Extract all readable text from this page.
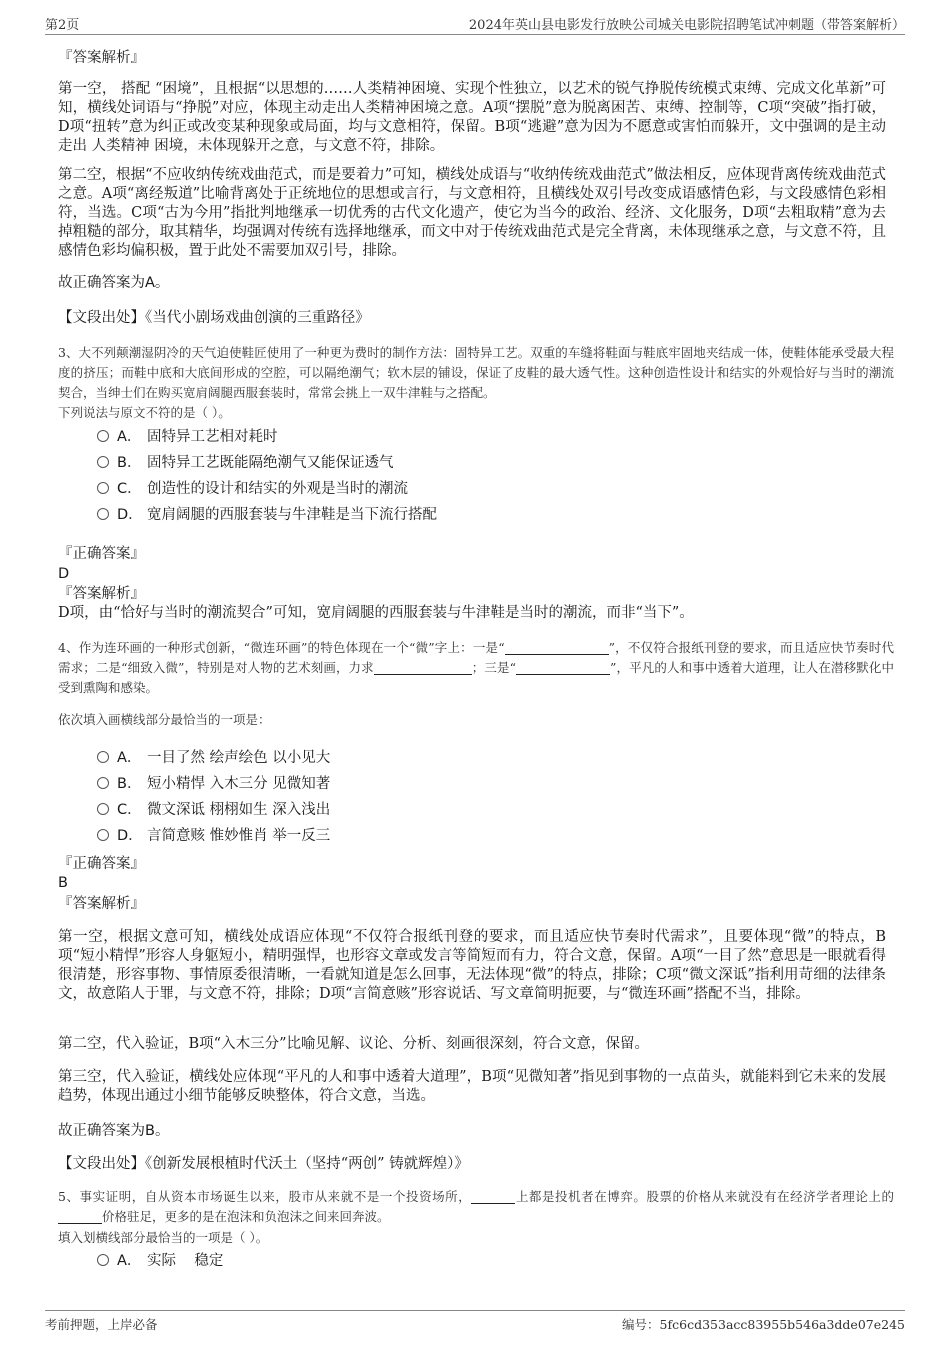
第2页	2024年英山县电影发行放映公司城关电影院招聘笔试冲刺题（带答案解析）
『答案解析』
第一空， 搭配 “困境”，且根据“以思想的……人类精神困境、实现个性独立，以艺术的锐气挣脱传统模式束缚、完成文化革新”可知，横线处词语与“挣脱”对应，体现主动走出人类精神困境之意。A项“摆脱”意为脱离困苦、束缚、控制等，C项“突破”指打破，D项“扭转”意为纠正或改变某种现象或局面，均与文意相符，保留。B项“逃避”意为因为不愿意或害怕而躲开，文中强调的是主动走出 人类精神 困境，未体现躲开之意，与文意不符，排除。
第二空，根据“不应收纳传统戏曲范式，而是要着力”可知，横线处成语与“收纳传统戏曲范式”做法相反，应体现背离传统戏曲范式之意。A项“离经叛道”比喻背离处于正统地位的思想或言行，与文意相符，且横线处双引号改变成语感情色彩，与文段感情色彩相符，当选。C项“古为今用”指批判地继承一切优秀的古代文化遗产，使它为当今的政治、经济、文化服务，D项“去粗取精”意为去掉粗糙的部分，取其精华，均强调对传统有选择地继承，而文中对于传统戏曲范式是完全背离，未体现继承之意，与文意不符，且感情色彩均偏积极，置于此处不需要加双引号，排除。
故正确答案为A。
【文段出处】《当代小剧场戏曲创演的三重路径》
3、大不列颠潮湿阴冷的天气迫使鞋匠使用了一种更为费时的制作方法：固特异工艺。双重的车缝将鞋面与鞋底牢固地夹结成一体，使鞋体能承受最大程度的挤压；而鞋中底和大底间形成的空腔，可以隔绝潮气；软木层的铺设，保证了皮鞋的最大透气性。这种创造性设计和结实的外观恰好与当时的潮流契合，当绅士们在购买宽肩阔腿西服套装时，常常会挑上一双牛津鞋与之搭配。
下列说法与原文不符的是（ ）。
A． 固特异工艺相对耗时
B． 固特异工艺既能隔绝潮气又能保证透气
C． 创造性的设计和结实的外观是当时的潮流
D． 宽肩阔腿的西服套装与牛津鞋是当下流行搭配
『正确答案』
D
『答案解析』
D项，由“恰好与当时的潮流契合”可知，宽肩阔腿的西服套装与牛津鞋是当时的潮流，而非“当下”。
4、作为连环画的一种形式创新，“微连环画”的特色体现在一个“微”字上：一是“	”，不仅符合报纸刊登的要求，而且适应快节奏时代需求；二是“细致入微”，特别是对人物的艺术刻画，力求	；三是“	”，平凡的人和事中透着大道理，让人在潜移默化中受到熏陶和感染。
依次填入画横线部分最恰当的一项是：
A． 一目了然 绘声绘色 以小见大
B． 短小精悍 入木三分 见微知著
C． 微文深诋 栩栩如生 深入浅出
D． 言简意赅 惟妙惟肖 举一反三
『正确答案』
B
『答案解析』
第一空，根据文意可知，横线处成语应体现“不仅符合报纸刊登的要求，而且适应快节奏时代需求”，且要体现“微”的特点，B项“短小精悍”形容人身躯短小，精明强悍，也形容文章或发言等简短而有力，符合文意，保留。A项“一目了然”意思是一眼就看得很清楚，形容事物、事情原委很清晰，一看就知道是怎么回事，无法体现“微”的特点，排除；C项“微文深诋”指利用苛细的法律条文，故意陷人于罪，与文意不符，排除；D项“言简意赅”形容说话、写文章简明扼要，与“微连环画”搭配不当，排除。
第二空，代入验证，B项“入木三分”比喻见解、议论、分析、刻画很深刻，符合文意，保留。
第三空，代入验证，横线处应体现“平凡的人和事中透着大道理”，B项“见微知著”指见到事物的一点苗头，就能料到它未来的发展趋势，体现出通过小细节能够反映整体，符合文意，当选。
故正确答案为B。
【文段出处】《创新发展根植时代沃土（坚持“两创” 铸就辉煌）》
5、事实证明，自从资本市场诞生以来，股市从来就不是一个投资场所，	上都是投机者在博弈。股票的价格从来就没有在经济学者理论上的价格驻足，更多的是在泡沫和负泡沫之间来回奔波。
填入划横线部分最恰当的一项是（ ）。
A． 实际    稳定
考前押题，上岸必备	编号：5fc6cd353acc83955b546a3dde07e245
